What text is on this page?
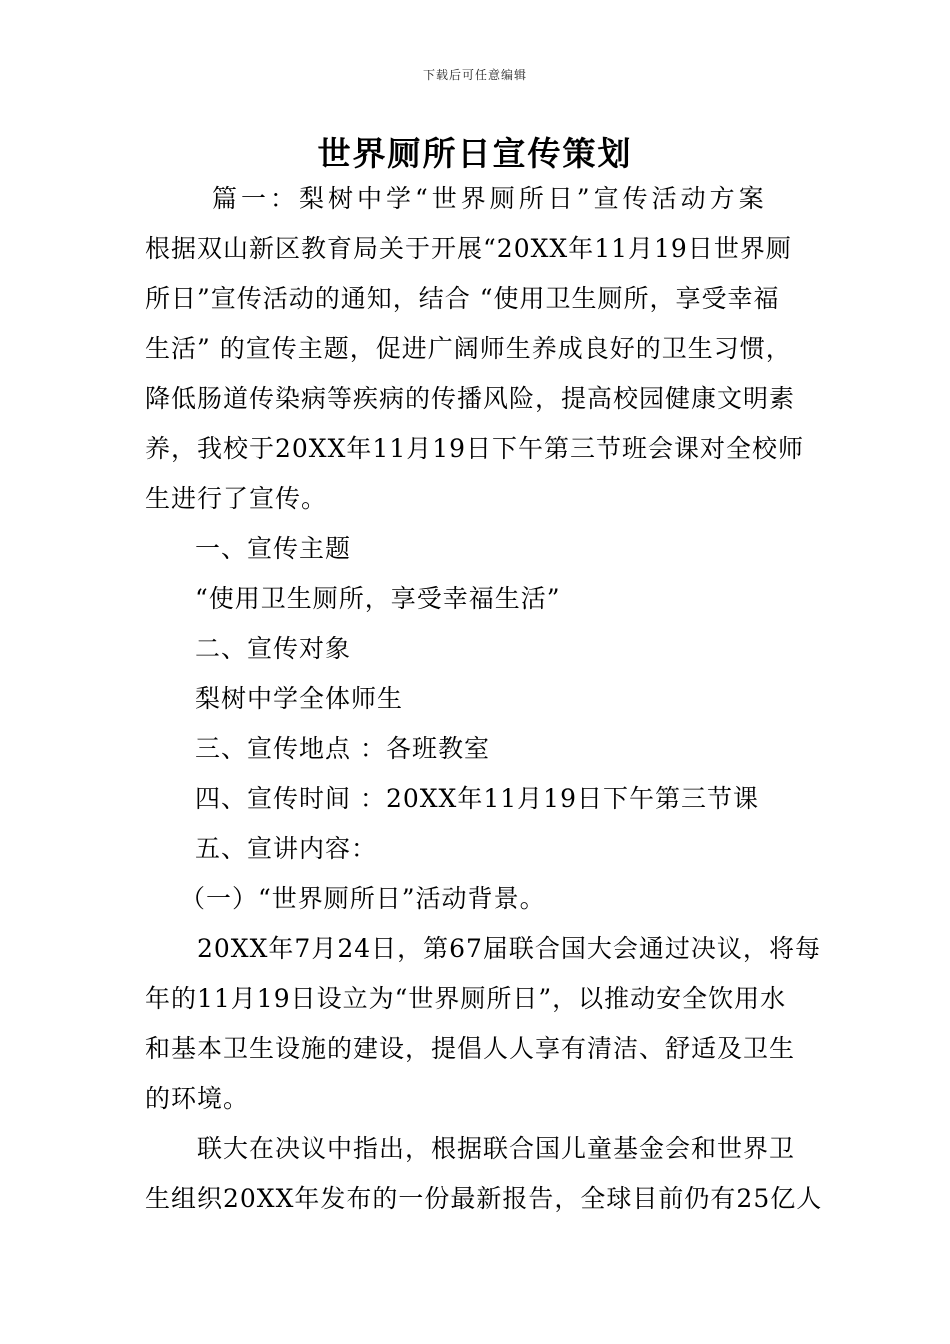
下载后可任意编辑
世界厕所日宣传策划
篇一：梨树中学“世界厕所日”宣传活动方案
根据双山新区教育局关于开展“20XX年11月19日世界厕
所日”宣传活动的通知，结合 “使用卫生厕所，享受幸福
生活” 的宣传主题，促进广阔师生养成良好的卫生习惯，
降低肠道传染病等疾病的传播风险，提高校园健康文明素
养，我校于20XX年11月19日下午第三节班会课对全校师
生进行了宣传。
一、宣传主题
“使用卫生厕所，享受幸福生活”
二、宣传对象
梨树中学全体师生
三、宣传地点 ：各班教室
四、宣传时间 ：20XX年11月19日下午第三节课
五、宣讲内容：
（一）“世界厕所日”活动背景。
20XX年7月24日，第67届联合国大会通过决议，将每
年的11月19日设立为“世界厕所日”，以推动安全饮用水
和基本卫生设施的建设，提倡人人享有清洁、舒适及卫生
的环境。
联大在决议中指出，根据联合国儿童基金会和世界卫
生组织20XX年发布的一份最新报告，全球目前仍有25亿人
